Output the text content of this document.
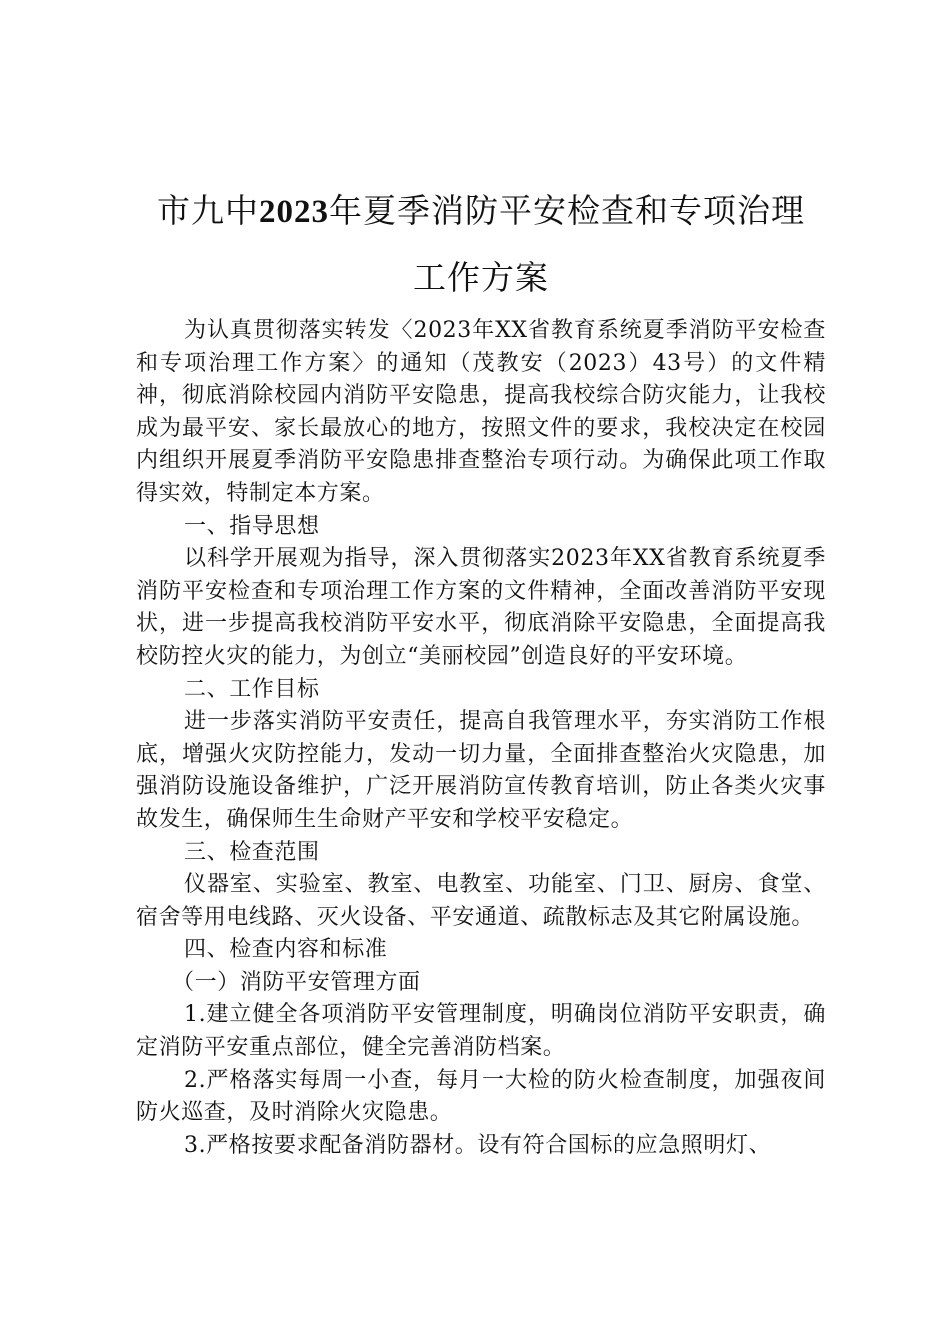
市九中2023年夏季消防平安检查和专项治理
工作方案

为认真贯彻落实转发〈2023年XX省教育系统夏季消防平安检查和专项治理工作方案〉的通知（茂教安（2023）43号）的文件精神，彻底消除校园内消防平安隐患，提高我校综合防灾能力，让我校成为最平安、家长最放心的地方，按照文件的要求，我校决定在校园内组织开展夏季消防平安隐患排查整治专项行动。为确保此项工作取得实效，特制定本方案。

一、指导思想

以科学开展观为指导，深入贯彻落实2023年XX省教育系统夏季消防平安检查和专项治理工作方案的文件精神，全面改善消防平安现状，进一步提高我校消防平安水平，彻底消除平安隐患，全面提高我校防控火灾的能力，为创立“美丽校园”创造良好的平安环境。

二、工作目标

进一步落实消防平安责任，提高自我管理水平，夯实消防工作根底，增强火灾防控能力，发动一切力量，全面排查整治火灾隐患，加强消防设施设备维护，广泛开展消防宣传教育培训，防止各类火灾事故发生，确保师生生命财产平安和学校平安稳定。

三、检查范围

仪器室、实验室、教室、电教室、功能室、门卫、厨房、食堂、宿舍等用电线路、灭火设备、平安通道、疏散标志及其它附属设施。

四、检查内容和标准

（一）消防平安管理方面

1.建立健全各项消防平安管理制度，明确岗位消防平安职责，确定消防平安重点部位，健全完善消防档案。

2.严格落实每周一小查，每月一大检的防火检查制度，加强夜间防火巡查，及时消除火灾隐患。

3.严格按要求配备消防器材。设有符合国标的应急照明灯、
